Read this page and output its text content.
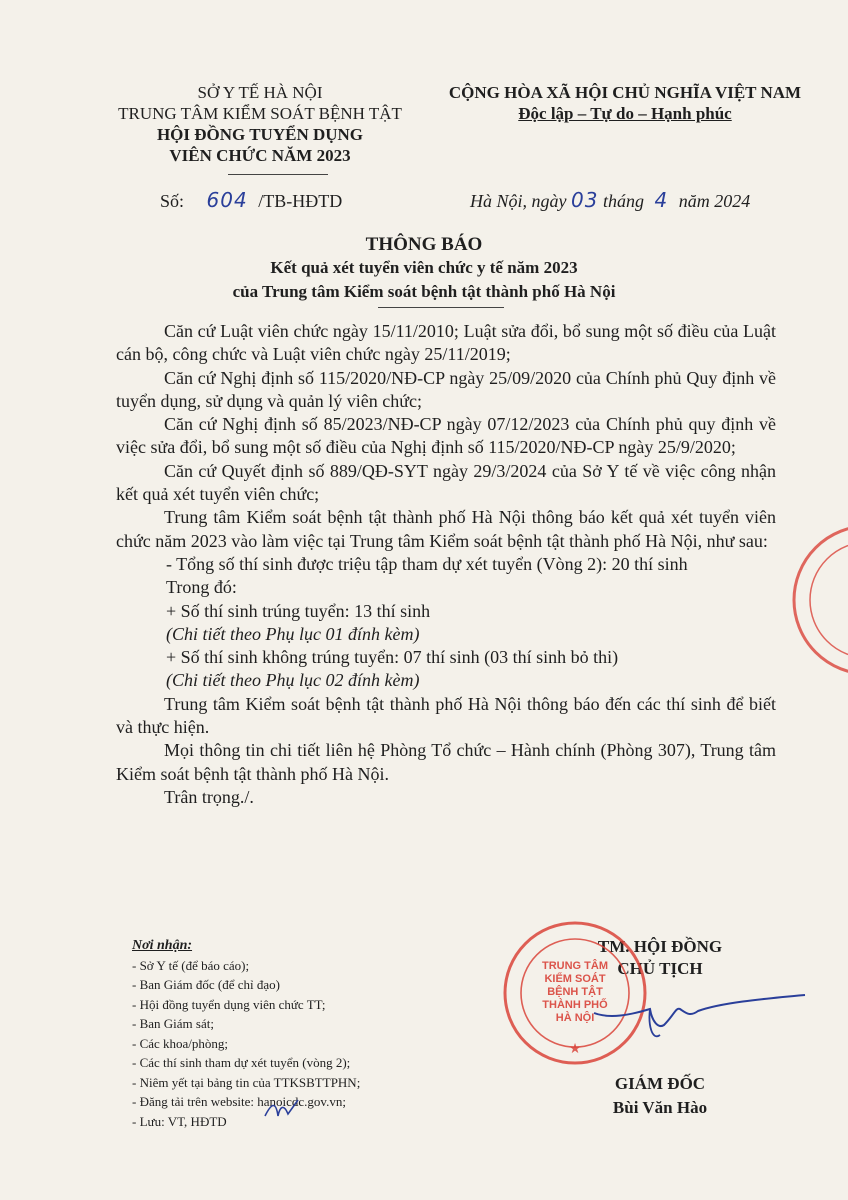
SỞ Y TẾ HÀ NỘI
TRUNG TÂM KIỂM SOÁT BỆNH TẬT
HỘI ĐỒNG TUYỂN DỤNG
VIÊN CHỨC NĂM 2023
CỘNG HÒA XÃ HỘI CHỦ NGHĨA VIỆT NAM
Độc lập – Tự do – Hạnh phúc
Số: 604 /TB-HĐTD	Hà Nội, ngày 03 tháng 4 năm 2024
THÔNG BÁO
Kết quả xét tuyển viên chức y tế năm 2023
của Trung tâm Kiểm soát bệnh tật thành phố Hà Nội

Căn cứ Luật viên chức ngày 15/11/2010; Luật sửa đổi, bổ sung một số điều của Luật cán bộ, công chức và Luật viên chức ngày 25/11/2019;

Căn cứ Nghị định số 115/2020/NĐ-CP ngày 25/09/2020 của Chính phủ Quy định về tuyển dụng, sử dụng và quản lý viên chức;

Căn cứ Nghị định số 85/2023/NĐ-CP ngày 07/12/2023 của Chính phủ quy định về việc sửa đổi, bổ sung một số điều của Nghị định số 115/2020/NĐ-CP ngày 25/9/2020;

Căn cứ Quyết định số 889/QĐ-SYT ngày 29/3/2024 của Sở Y tế về việc công nhận kết quả xét tuyển viên chức;

Trung tâm Kiểm soát bệnh tật thành phố Hà Nội thông báo kết quả xét tuyển viên chức năm 2023 vào làm việc tại Trung tâm Kiểm soát bệnh tật thành phố Hà Nội, như sau:

- Tổng số thí sinh được triệu tập tham dự xét tuyển (Vòng 2): 20 thí sinh

Trong đó:

+ Số thí sinh trúng tuyển: 13 thí sinh

(Chi tiết theo Phụ lục 01 đính kèm)

+ Số thí sinh không trúng tuyển: 07 thí sinh (03 thí sinh bỏ thi)

(Chi tiết theo Phụ lục 02 đính kèm)

Trung tâm Kiểm soát bệnh tật thành phố Hà Nội thông báo đến các thí sinh để biết và thực hiện.

Mọi thông tin chi tiết liên hệ Phòng Tổ chức – Hành chính (Phòng 307), Trung tâm Kiểm soát bệnh tật thành phố Hà Nội.

Trân trọng./.

Nơi nhận:
- Sở Y tế (để báo cáo);
- Ban Giám đốc (để chỉ đạo)
- Hội đồng tuyển dụng viên chức TT;
- Ban Giám sát;
- Các khoa/phòng;
- Các thí sinh tham dự xét tuyển (vòng 2);
- Niêm yết tại bảng tin của TTKSBTTPHN;
- Đăng tải trên website: hanoicdc.gov.vn;
- Lưu: VT, HĐTD
TM. HỘI ĐỒNG
CHỦ TỊCH
★
TRUNG TÂM
KIỂM SOÁT
BỆNH TẬT
THÀNH PHỐ
HÀ NỘI
GIÁM ĐỐC
Bùi Văn Hào
